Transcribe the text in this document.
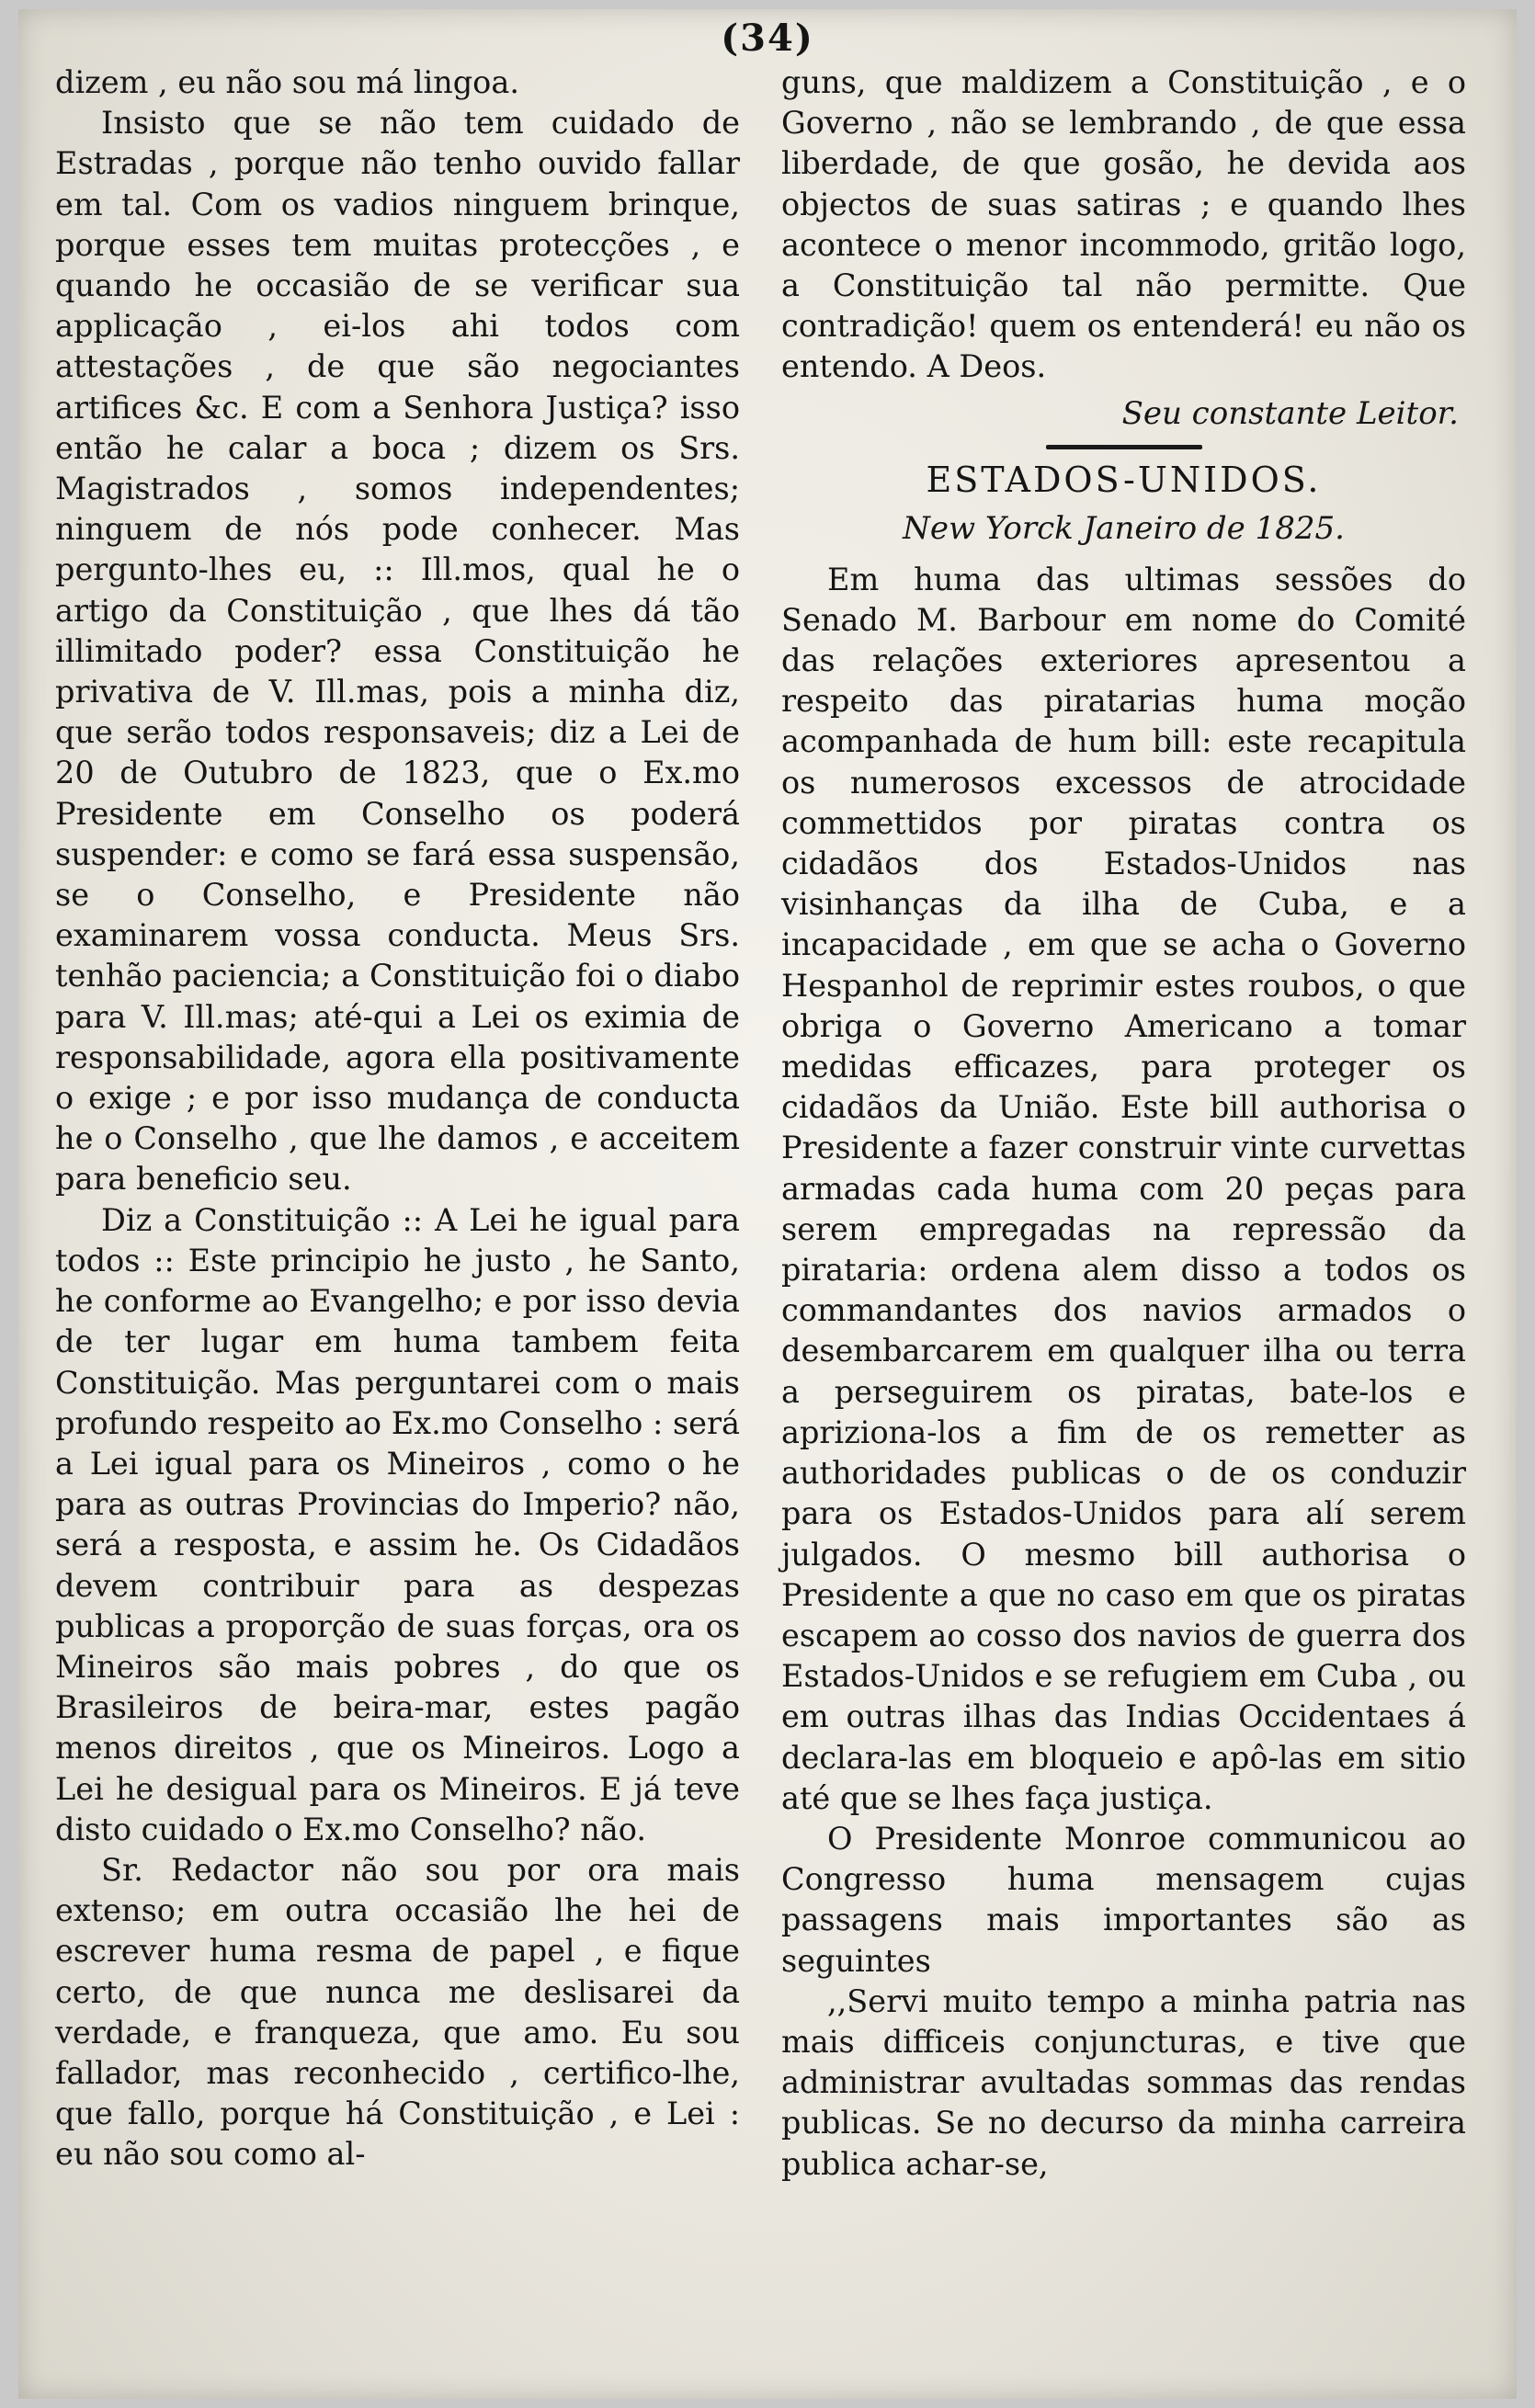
(34)

dizem , eu não sou má lingoa.

Insisto que se não tem cuidado de Estradas , porque não tenho ouvido fallar em tal. Com os vadios ninguem brinque, porque esses tem muitas protecções , e quando he occasião de se verificar sua applicação , ei-los ahi todos com attestações , de que são negociantes artifices &c. E com a Senhora Justiça? isso então he calar a boca ; dizem os Srs. Magistrados , somos independentes; ninguem de nós pode conhecer. Mas pergunto-lhes eu, :: Ill.mos, qual he o artigo da Constituição , que lhes dá tão illimitado poder? essa Constituição he privativa de V. Ill.mas, pois a minha diz, que serão todos responsaveis; diz a Lei de 20 de Outubro de 1823, que o Ex.mo Presidente em Conselho os poderá suspender: e como se fará essa suspensão, se o Conselho, e Presidente não examinarem vossa conducta. Meus Srs. tenhão paciencia; a Constituição foi o diabo para V. Ill.mas; até-qui a Lei os eximia de responsabilidade, agora ella positivamente o exige ; e por isso mudança de conducta he o Conselho , que lhe damos , e acceitem para beneficio seu.

Diz a Constituição :: A Lei he igual para todos :: Este principio he justo , he Santo, he conforme ao Evangelho; e por isso devia de ter lugar em huma tambem feita Constituição. Mas perguntarei com o mais profundo respeito ao Ex.mo Conselho : será a Lei igual para os Mineiros , como o he para as outras Provincias do Imperio? não, será a resposta, e assim he. Os Cidadãos devem contribuir para as despezas publicas a proporção de suas forças, ora os Mineiros são mais pobres , do que os Brasileiros de beira-mar, estes pagão menos direitos , que os Mineiros. Logo a Lei he desigual para os Mineiros. E já teve disto cuidado o Ex.mo Conselho? não.

Sr. Redactor não sou por ora mais extenso; em outra occasião lhe hei de escrever huma resma de papel , e fique certo, de que nunca me deslisarei da verdade, e franqueza, que amo. Eu sou fallador, mas reconhecido , certifico-lhe, que fallo, porque há Constituição , e Lei : eu não sou como al-

guns, que maldizem a Constituição , e o Governo , não se lembrando , de que essa liberdade, de que gosão, he devida aos objectos de suas satiras ; e quando lhes acontece o menor incommodo, gritão logo, a Constituição tal não permitte. Que contradição! quem os entenderá! eu não os entendo. A Deos.

Seu constante Leitor.
ESTADOS-UNIDOS.
New Yorck Janeiro de 1825.

Em huma das ultimas sessões do Senado M. Barbour em nome do Comité das relações exteriores apresentou a respeito das piratarias huma moção acompanhada de hum bill: este recapitula os numerosos excessos de atrocidade commettidos por piratas contra os cidadãos dos Estados-Unidos nas visinhanças da ilha de Cuba, e a incapacidade , em que se acha o Governo Hespanhol de reprimir estes roubos, o que obriga o Governo Americano a tomar medidas efficazes, para proteger os cidadãos da União. Este bill authorisa o Presidente a fazer construir vinte curvettas armadas cada huma com 20 peças para serem empregadas na repressão da pirataria: ordena alem disso a todos os commandantes dos navios armados o desembarcarem em qualquer ilha ou terra a perseguirem os piratas, bate-los e apriziona-los a fim de os remetter as authoridades publicas o de os conduzir para os Estados-Unidos para alí serem julgados. O mesmo bill authorisa o Presidente a que no caso em que os piratas escapem ao cosso dos navios de guerra dos Estados-Unidos e se refugiem em Cuba , ou em outras ilhas das Indias Occidentaes á declara-las em bloqueio e apô-las em sitio até que se lhes faça justiça.

O Presidente Monroe communicou ao Congresso huma mensagem cujas passagens mais importantes são as seguintes

,,Servi muito tempo a minha patria nas mais difficeis conjuncturas, e tive que administrar avultadas sommas das rendas publicas. Se no decurso da minha carreira publica achar-se,
